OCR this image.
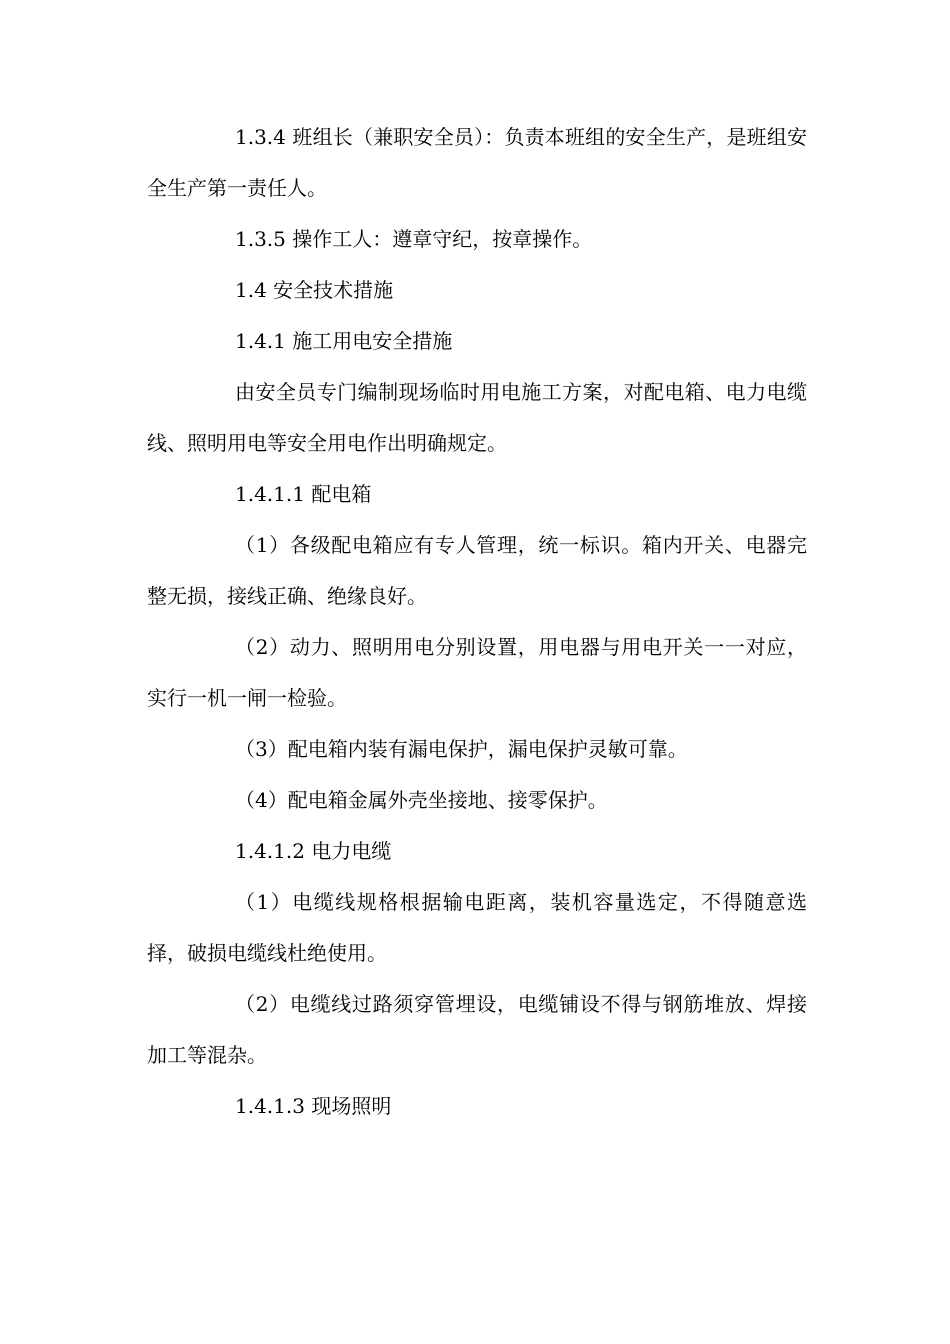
1.3.4 班组长（兼职安全员）：负责本班组的安全生产，是班组安全生产第一责任人。

1.3.5 操作工人：遵章守纪，按章操作。

1.4 安全技术措施

1.4.1 施工用电安全措施

由安全员专门编制现场临时用电施工方案，对配电箱、电力电缆线、照明用电等安全用电作出明确规定。

1.4.1.1 配电箱

（1）各级配电箱应有专人管理，统一标识。箱内开关、电器完整无损，接线正确、绝缘良好。

（2）动力、照明用电分别设置，用电器与用电开关一一对应，实行一机一闸一检验。

（3）配电箱内装有漏电保护，漏电保护灵敏可靠。

（4）配电箱金属外壳坐接地、接零保护。

1.4.1.2 电力电缆

（1）电缆线规格根据输电距离，装机容量选定，不得随意选择，破损电缆线杜绝使用。

（2）电缆线过路须穿管埋设，电缆铺设不得与钢筋堆放、焊接加工等混杂。

1.4.1.3 现场照明
